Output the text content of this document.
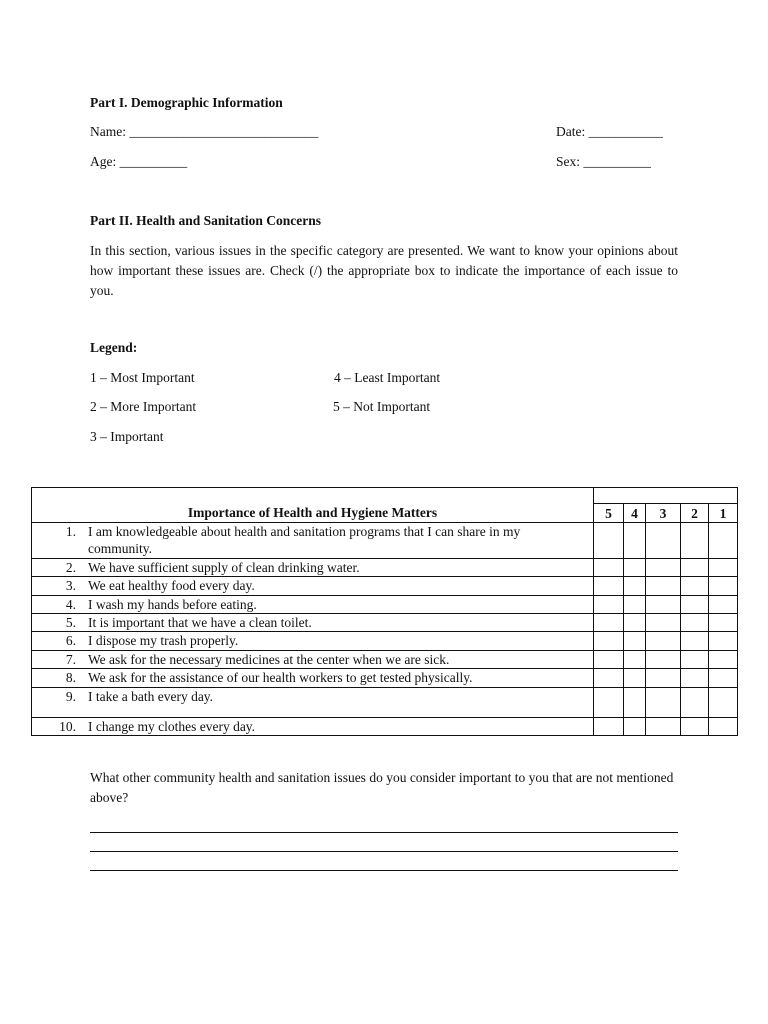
Part I. Demographic Information
Name: ____________________________	Date: ___________
Age: __________	Sex: __________
Part II. Health and Sanitation Concerns
In this section, various issues in the specific category are presented. We want to know your opinions about how important these issues are. Check (/) the appropriate box to indicate the importance of each issue to you.
Legend:
1 – Most Important
2 – More Important
3 – Important
4 – Least Important
5 – Not Important
Importance of Health and Hygiene Matters					
	5	4	3	2	1
1. I am knowledgeable about health and sanitation programs that I can share in my community.					
2. We have sufficient supply of clean drinking water.					
3. We eat healthy food every day.					
4. I wash my hands before eating.					
5. It is important that we have a clean toilet.					
6. I dispose my trash properly.					
7. We ask for the necessary medicines at the center when we are sick.					
8. We ask for the assistance of our health workers to get tested physically.					
9. I take a bath every day.					
10. I change my clothes every day.					
What other community health and sanitation issues do you consider important to you that are not mentioned above?
